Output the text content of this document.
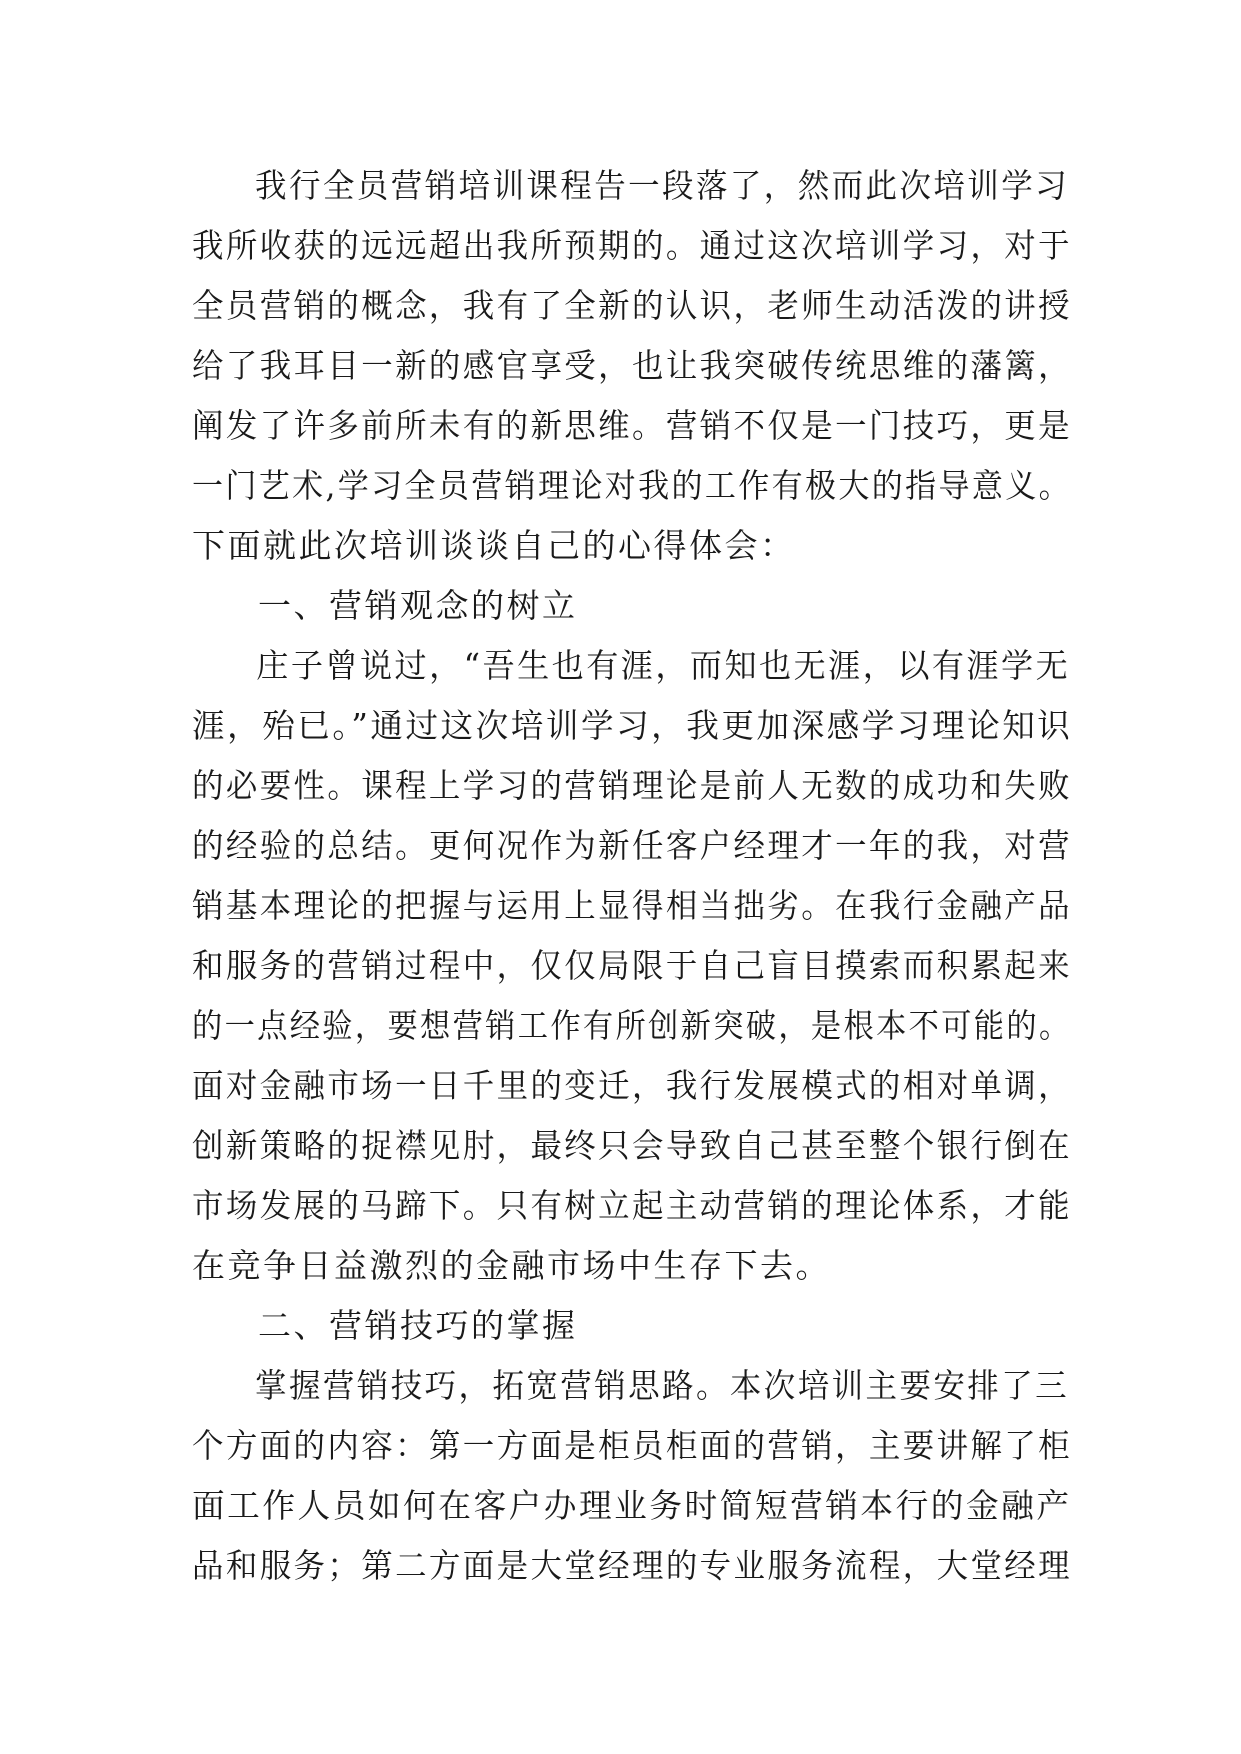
我行全员营销培训课程告一段落了，然而此次培训学习
我所收获的远远超出我所预期的。通过这次培训学习，对于
全员营销的概念，我有了全新的认识，老师生动活泼的讲授
给了我耳目一新的感官享受，也让我突破传统思维的藩篱，
阐发了许多前所未有的新思维。营销不仅是一门技巧，更是
一门艺术,学习全员营销理论对我的工作有极大的指导意义。
下面就此次培训谈谈自己的心得体会：
一、营销观念的树立
庄子曾说过，“吾生也有涯，而知也无涯，以有涯学无
涯，殆已。”通过这次培训学习，我更加深感学习理论知识
的必要性。课程上学习的营销理论是前人无数的成功和失败
的经验的总结。更何况作为新任客户经理才一年的我，对营
销基本理论的把握与运用上显得相当拙劣。在我行金融产品
和服务的营销过程中，仅仅局限于自己盲目摸索而积累起来
的一点经验，要想营销工作有所创新突破，是根本不可能的。
面对金融市场一日千里的变迁，我行发展模式的相对单调，
创新策略的捉襟见肘，最终只会导致自己甚至整个银行倒在
市场发展的马蹄下。只有树立起主动营销的理论体系，才能
在竞争日益激烈的金融市场中生存下去。
二、营销技巧的掌握
掌握营销技巧，拓宽营销思路。本次培训主要安排了三
个方面的内容：第一方面是柜员柜面的营销，主要讲解了柜
面工作人员如何在客户办理业务时简短营销本行的金融产
品和服务；第二方面是大堂经理的专业服务流程，大堂经理
